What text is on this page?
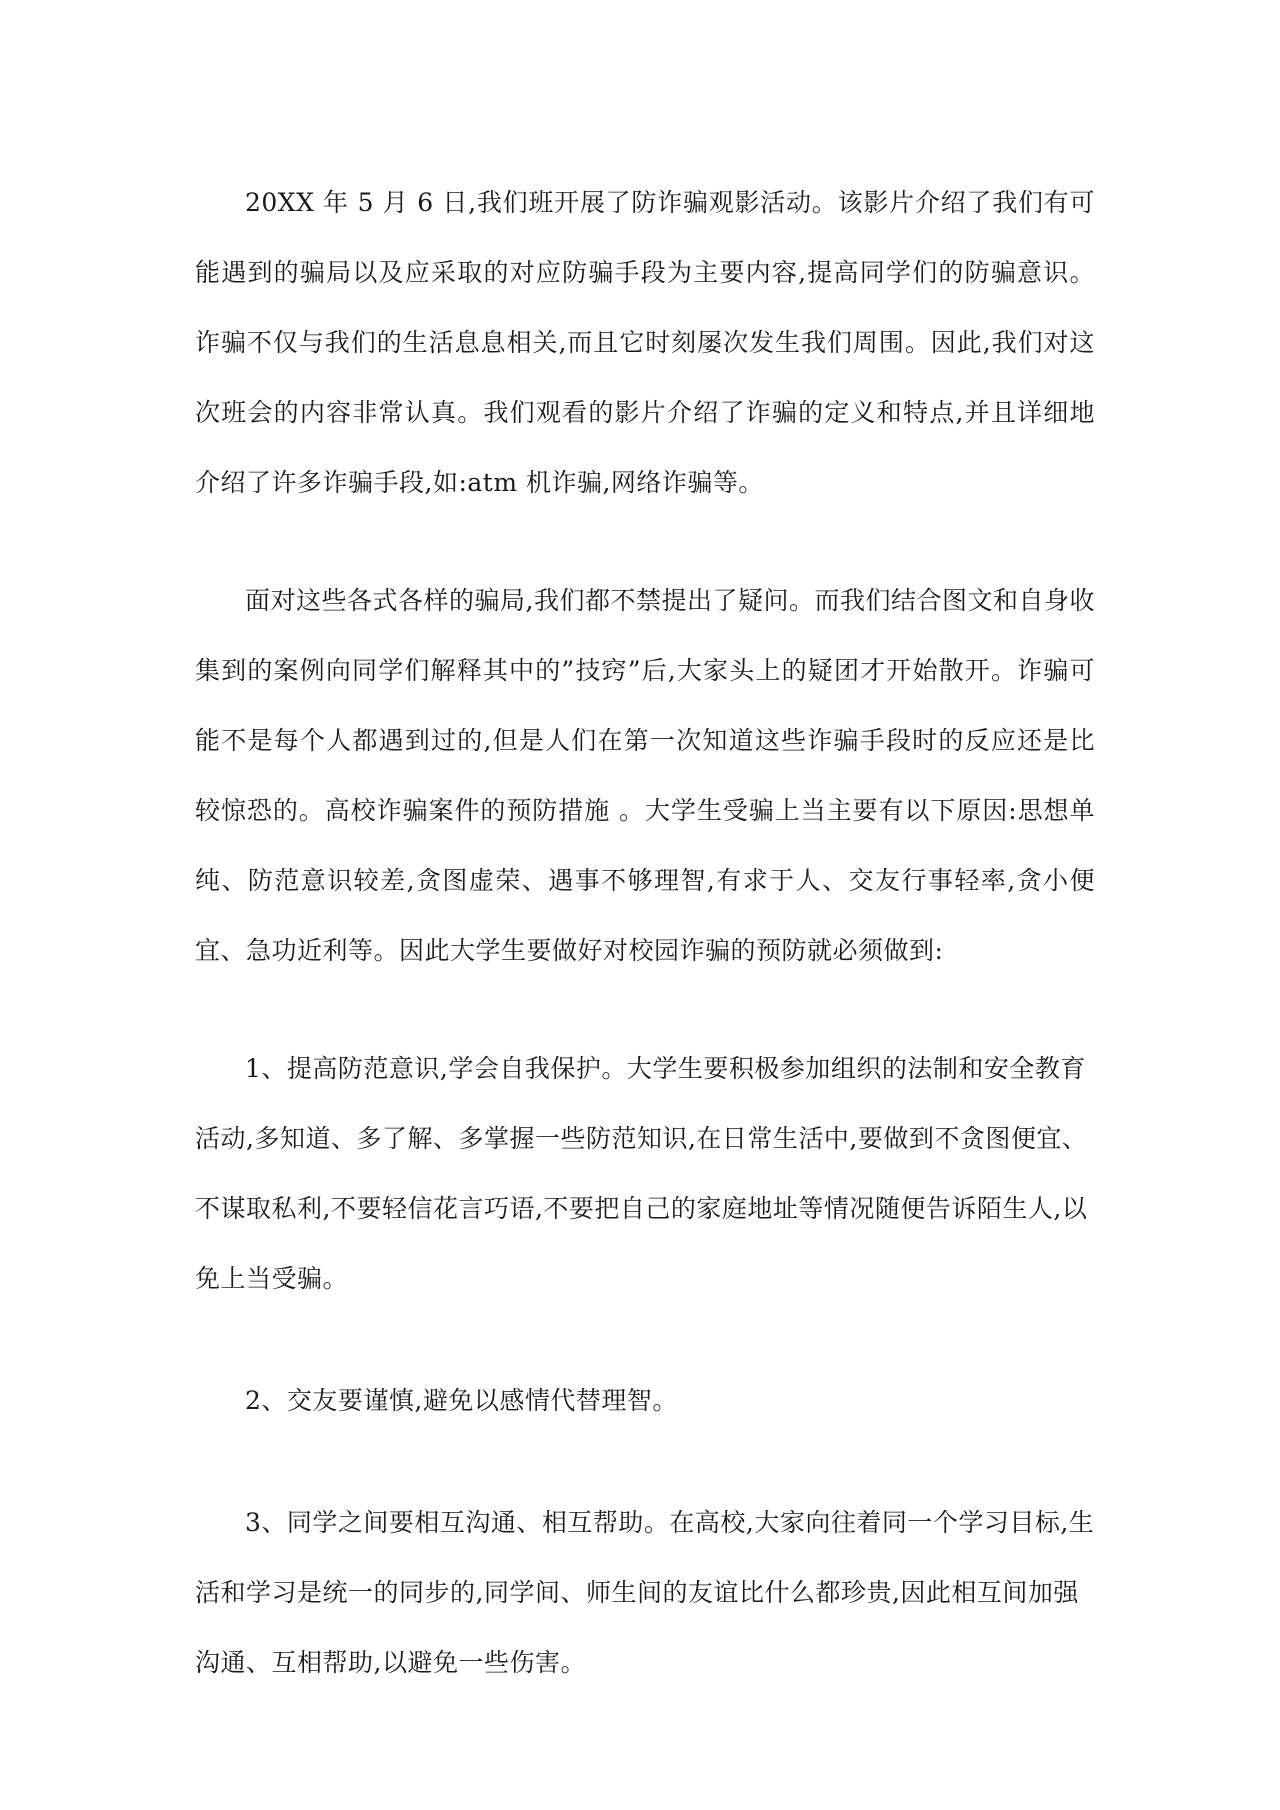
20XX 年 5 月 6 日,我们班开展了防诈骗观影活动。该影片介绍了我们有可能遇到的骗局以及应采取的对应防骗手段为主要内容,提高同学们的防骗意识。诈骗不仅与我们的生活息息相关,而且它时刻屡次发生我们周围。因此,我们对这次班会的内容非常认真。我们观看的影片介绍了诈骗的定义和特点,并且详细地介绍了许多诈骗手段,如:atm 机诈骗,网络诈骗等。

面对这些各式各样的骗局,我们都不禁提出了疑问。而我们结合图文和自身收集到的案例向同学们解释其中的”技窍”后,大家头上的疑团才开始散开。诈骗可能不是每个人都遇到过的,但是人们在第一次知道这些诈骗手段时的反应还是比较惊恐的。高校诈骗案件的预防措施 。大学生受骗上当主要有以下原因:思想单纯、防范意识较差,贪图虚荣、遇事不够理智,有求于人、交友行事轻率,贪小便宜、急功近利等。因此大学生要做好对校园诈骗的预防就必须做到:

1、提高防范意识,学会自我保护。大学生要积极参加组织的法制和安全教育活动,多知道、多了解、多掌握一些防范知识,在日常生活中,要做到不贪图便宜、不谋取私利,不要轻信花言巧语,不要把自己的家庭地址等情况随便告诉陌生人,以免上当受骗。

2、交友要谨慎,避免以感情代替理智。

3、同学之间要相互沟通、相互帮助。在高校,大家向往着同一个学习目标,生活和学习是统一的同步的,同学间、师生间的友谊比什么都珍贵,因此相互间加强沟通、互相帮助,以避免一些伤害。
